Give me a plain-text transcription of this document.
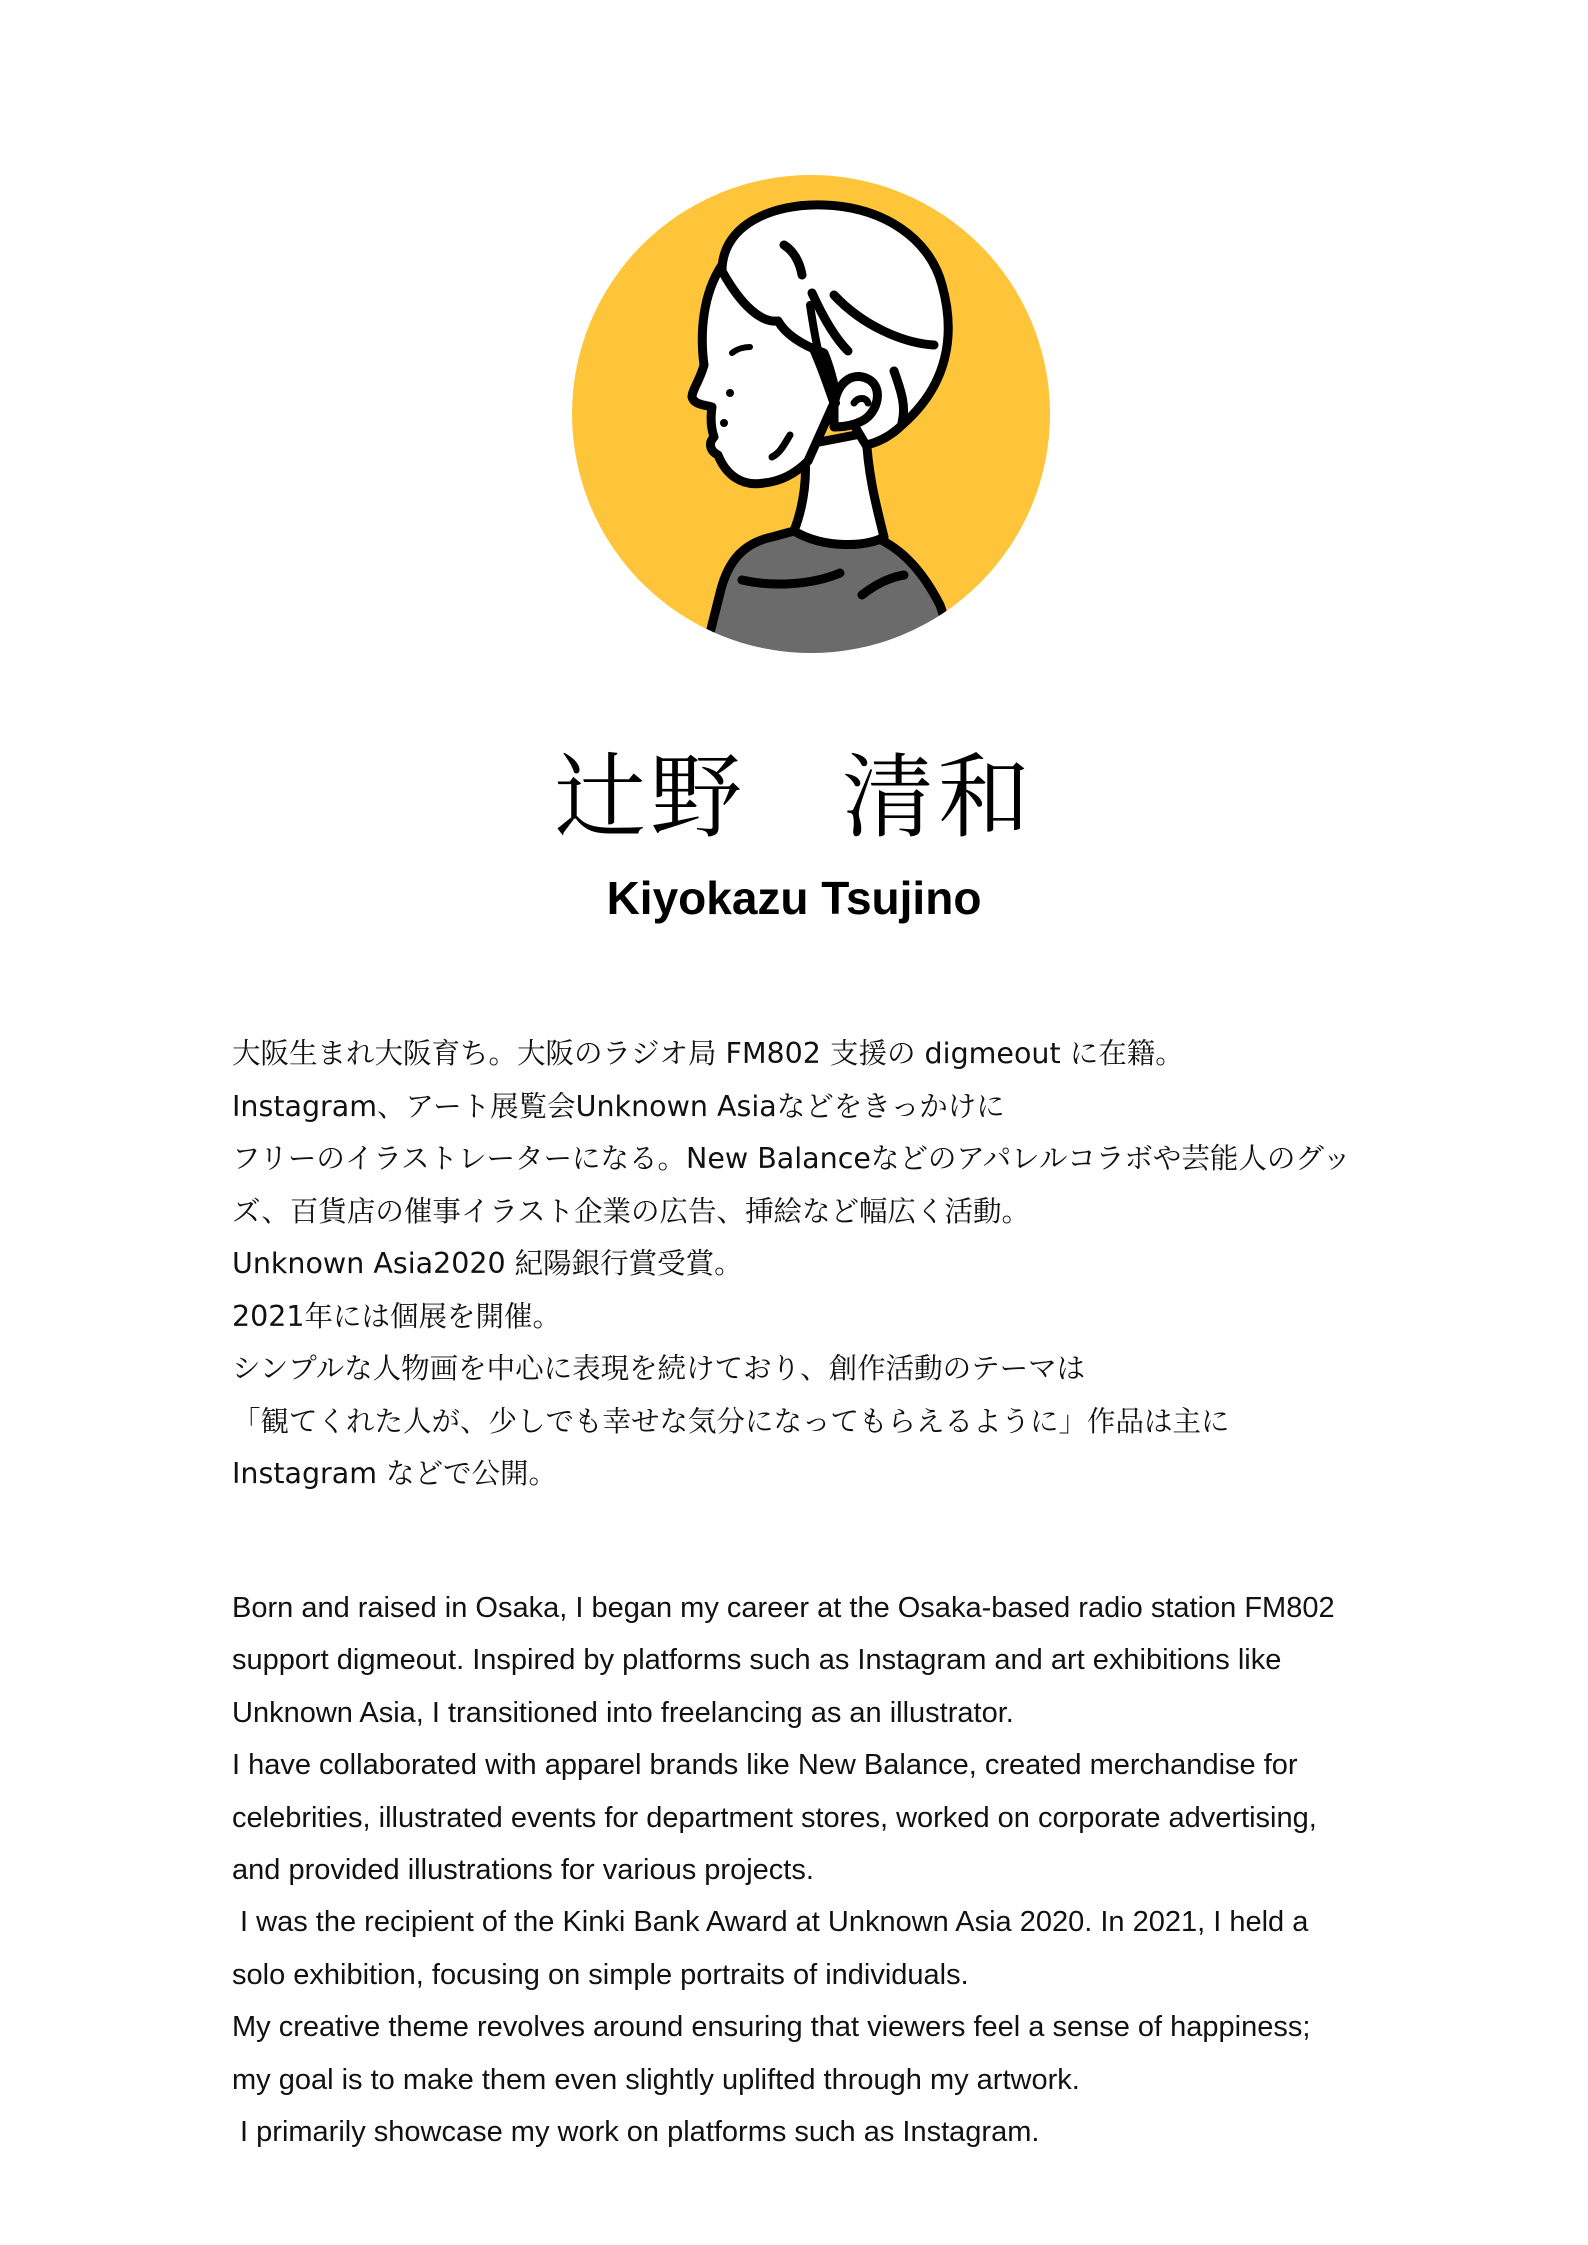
辻野　清和
Kiyokazu Tsujino
大阪生まれ大阪育ち。大阪のラジオ局 FM802 支援の digmeout に在籍。
Instagram、アート展覧会Unknown Asiaなどをきっかけに
フリーのイラストレーターになる。New Balanceなどのアパレルコラボや芸能人のグッ
ズ、百貨店の催事イラスト企業の広告、挿絵など幅広く活動。
Unknown Asia2020 紀陽銀行賞受賞。
2021年には個展を開催。
シンプルな人物画を中心に表現を続けており、創作活動のテーマは
「観てくれた人が、少しでも幸せな気分になってもらえるように」作品は主に
Instagram などで公開。
Born and raised in Osaka, I began my career at the Osaka-based radio station FM802
support digmeout. Inspired by platforms such as Instagram and art exhibitions like
Unknown Asia, I transitioned into freelancing as an illustrator.
I have collaborated with apparel brands like New Balance, created merchandise for
celebrities, illustrated events for department stores, worked on corporate advertising,
and provided illustrations for various projects.
I was the recipient of the Kinki Bank Award at Unknown Asia 2020. In 2021, I held a
solo exhibition, focusing on simple portraits of individuals.
My creative theme revolves around ensuring that viewers feel a sense of happiness;
my goal is to make them even slightly uplifted through my artwork.
I primarily showcase my work on platforms such as Instagram.
